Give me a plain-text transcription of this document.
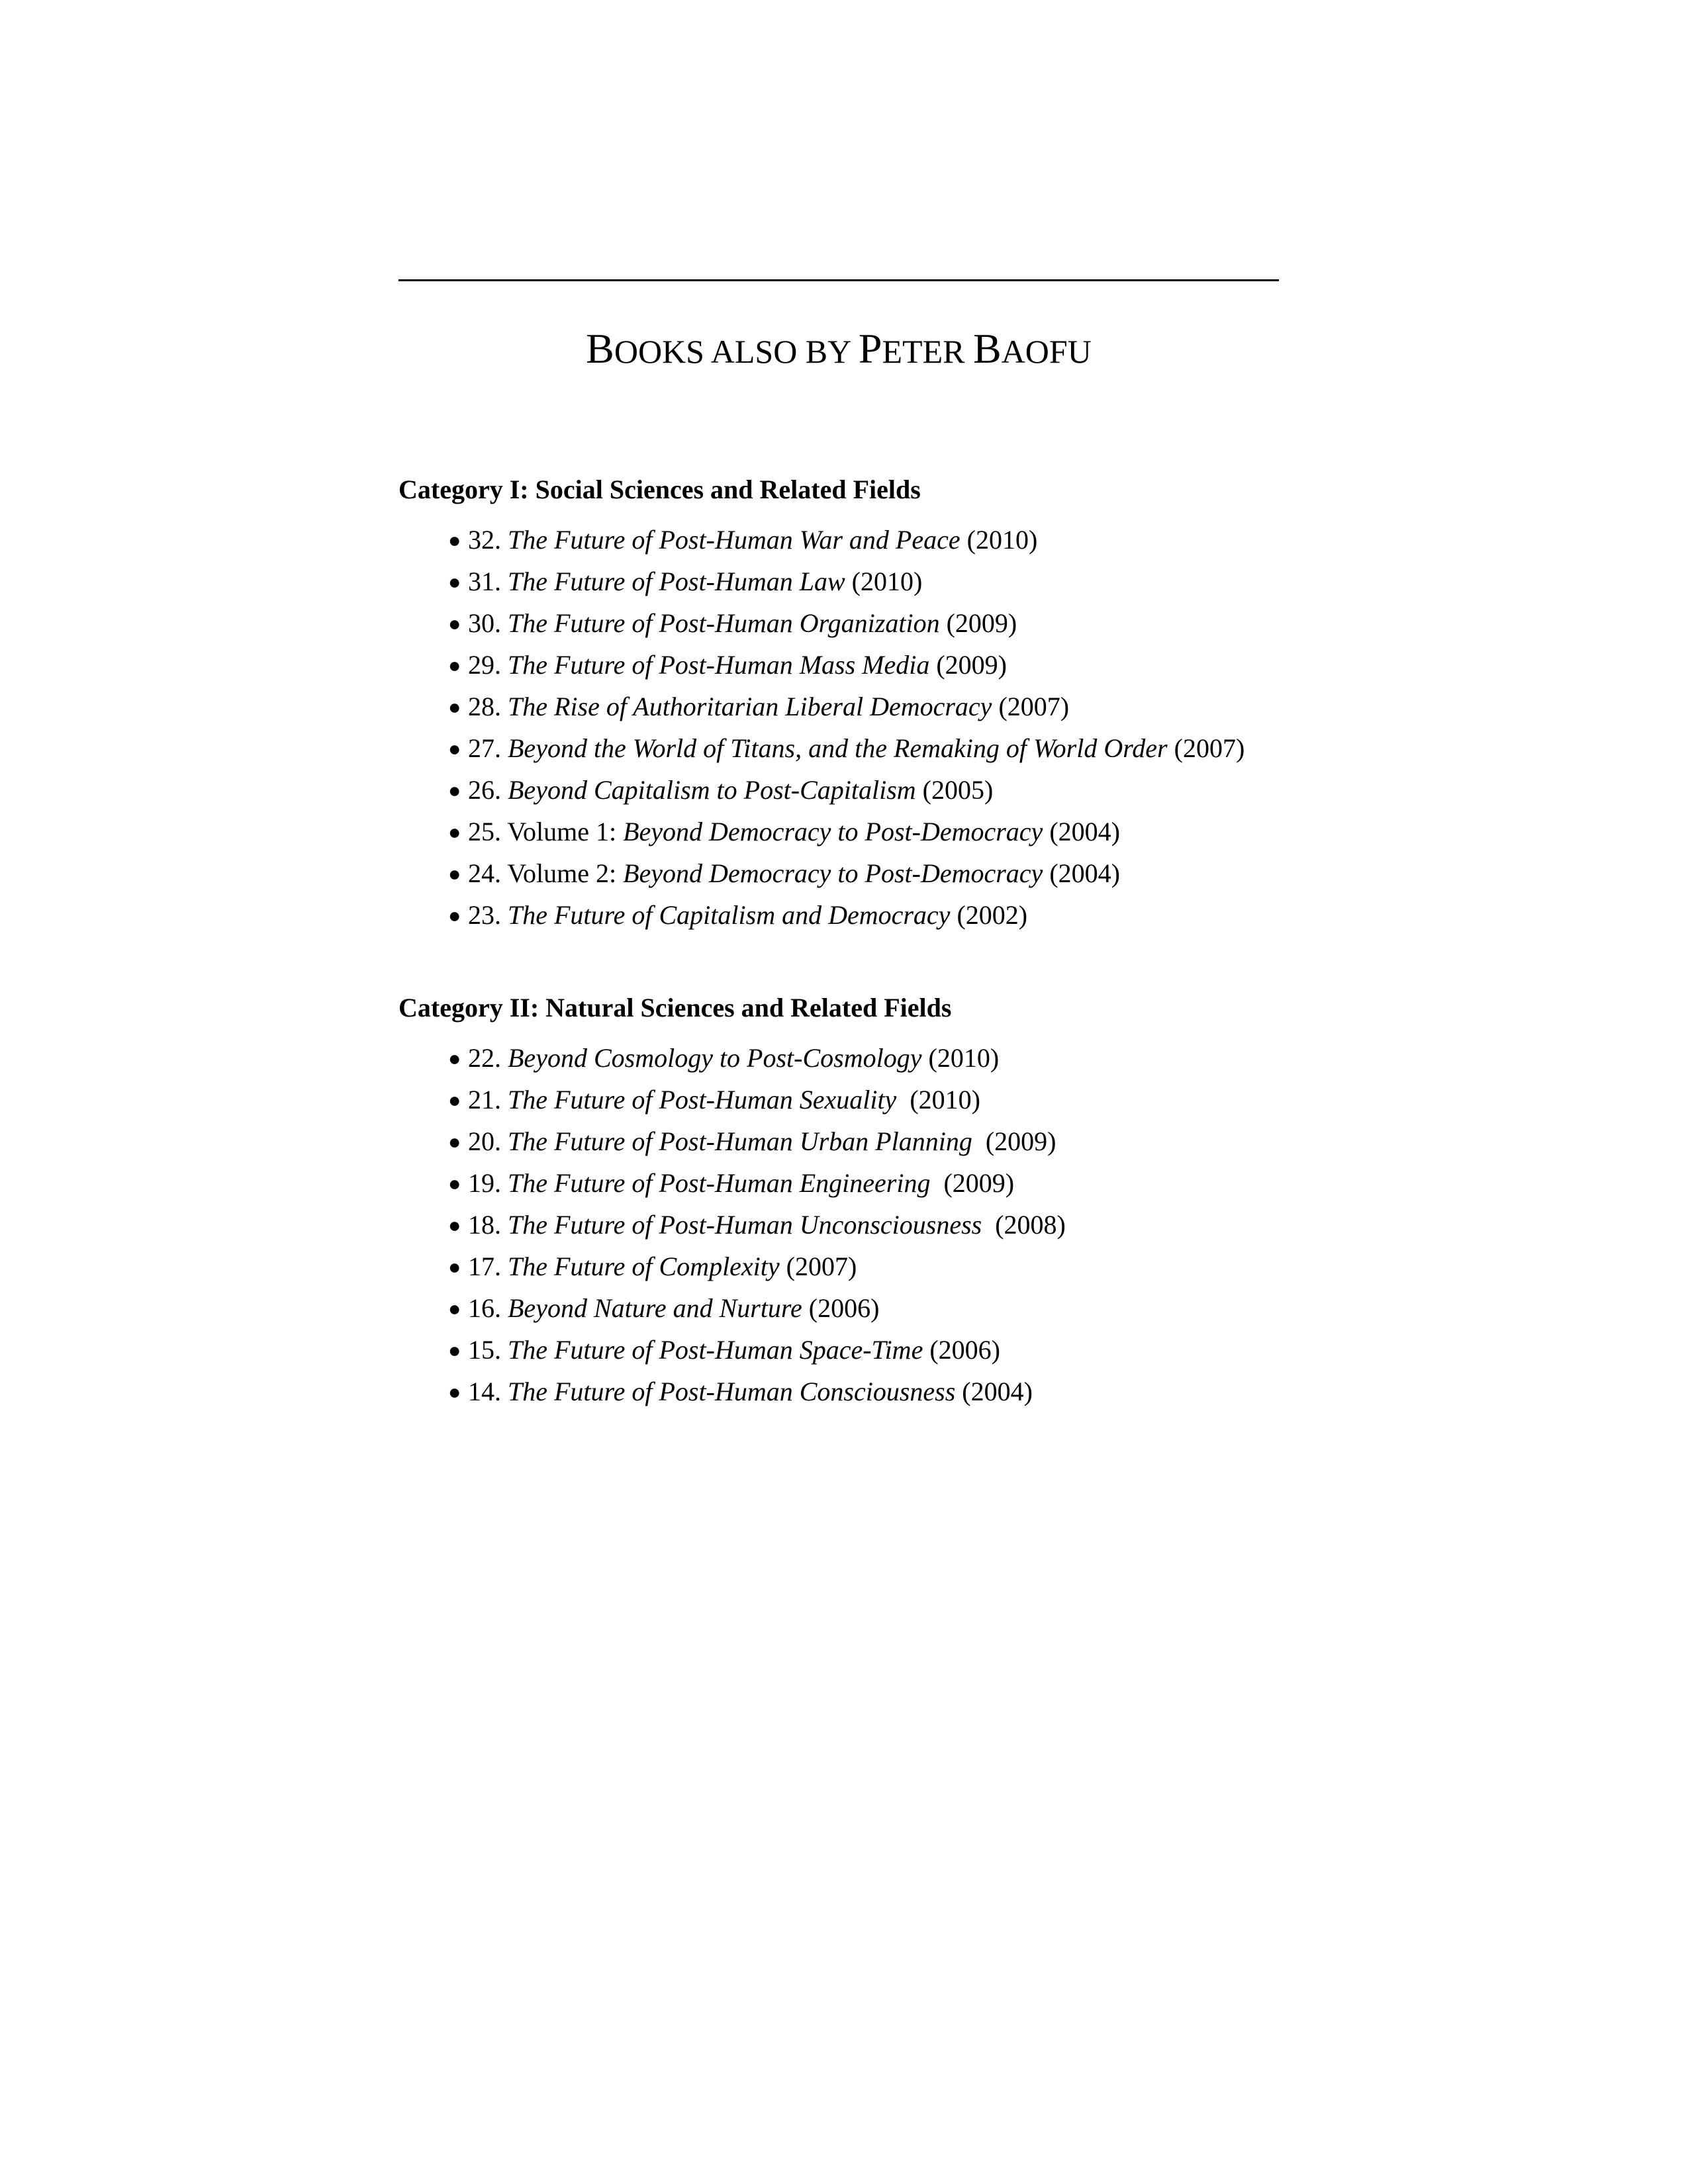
BOOKS ALSO BY PETER BAOFU
Category I: Social Sciences and Related Fields
● 32. The Future of Post-Human War and Peace (2010)
● 31. The Future of Post-Human Law (2010)
● 30. The Future of Post-Human Organization (2009)
● 29. The Future of Post-Human Mass Media (2009)
● 28. The Rise of Authoritarian Liberal Democracy (2007)
● 27. Beyond the World of Titans, and the Remaking of World Order (2007)
● 26. Beyond Capitalism to Post-Capitalism (2005)
● 25. Volume 1: Beyond Democracy to Post-Democracy (2004)
● 24. Volume 2: Beyond Democracy to Post-Democracy (2004)
● 23. The Future of Capitalism and Democracy (2002)
Category II: Natural Sciences and Related Fields
● 22. Beyond Cosmology to Post-Cosmology (2010)
● 21. The Future of Post-Human Sexuality  (2010)
● 20. The Future of Post-Human Urban Planning  (2009)
● 19. The Future of Post-Human Engineering  (2009)
● 18. The Future of Post-Human Unconsciousness  (2008)
● 17. The Future of Complexity (2007)
● 16. Beyond Nature and Nurture (2006)
● 15. The Future of Post-Human Space-Time (2006)
● 14. The Future of Post-Human Consciousness (2004)
